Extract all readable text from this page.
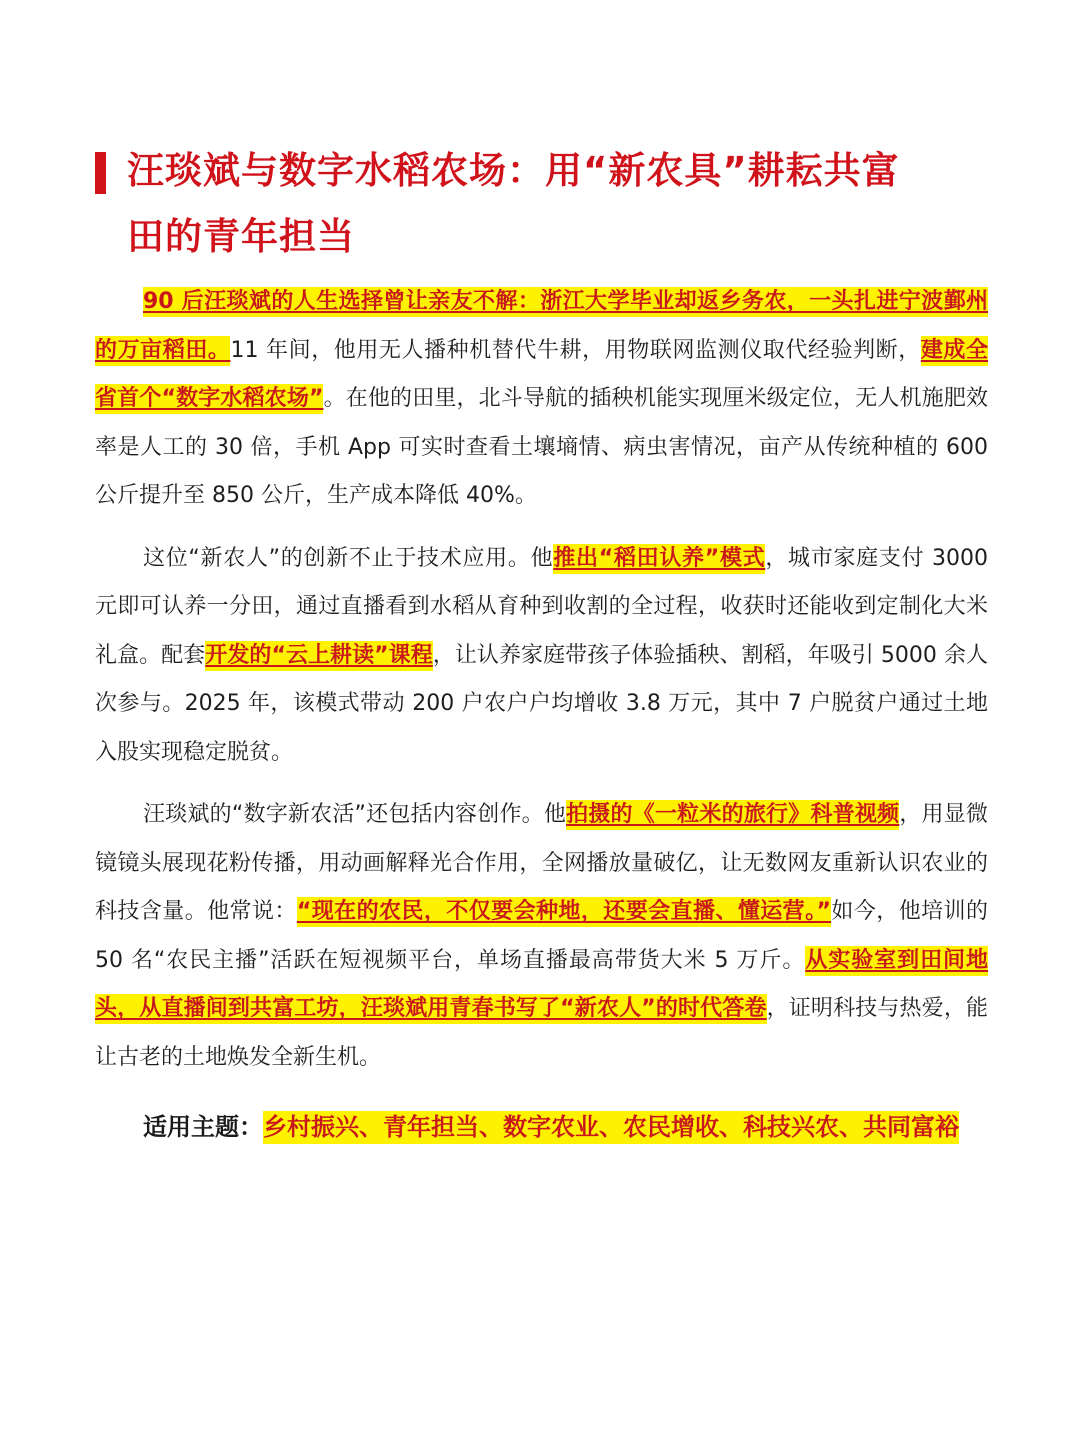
汪琰斌与数字水稻农场：用“新农具”耕耘共富
田的青年担当

90 后汪琰斌的人生选择曾让亲友不解：浙江大学毕业却返乡务农，一头扎进宁波鄞州的万亩稻田。11 年间，他用无人播种机替代牛耕，用物联网监测仪取代经验判断，建成全省首个“数字水稻农场”。在他的田里，北斗导航的插秧机能实现厘米级定位，无人机施肥效率是人工的 30 倍，手机 App 可实时查看土壤墒情、病虫害情况，亩产从传统种植的 600 公斤提升至 850 公斤，生产成本降低 40%。

这位“新农人”的创新不止于技术应用。他推出“稻田认养”模式，城市家庭支付 3000 元即可认养一分田，通过直播看到水稻从育种到收割的全过程，收获时还能收到定制化大米礼盒。配套开发的“云上耕读”课程，让认养家庭带孩子体验插秧、割稻，年吸引 5000 余人次参与。2025 年，该模式带动 200 户农户户均增收 3.8 万元，其中 7 户脱贫户通过土地入股实现稳定脱贫。

汪琰斌的“数字新农活”还包括内容创作。他拍摄的《一粒米的旅行》科普视频，用显微镜镜头展现花粉传播，用动画解释光合作用，全网播放量破亿，让无数网友重新认识农业的科技含量。他常说：“现在的农民，不仅要会种地，还要会直播、懂运营。”如今，他培训的 50 名“农民主播”活跃在短视频平台，单场直播最高带货大米 5 万斤。从实验室到田间地头，从直播间到共富工坊，汪琰斌用青春书写了“新农人”的时代答卷，证明科技与热爱，能让古老的土地焕发全新生机。

适用主题：乡村振兴、青年担当、数字农业、农民增收、科技兴农、共同富裕
